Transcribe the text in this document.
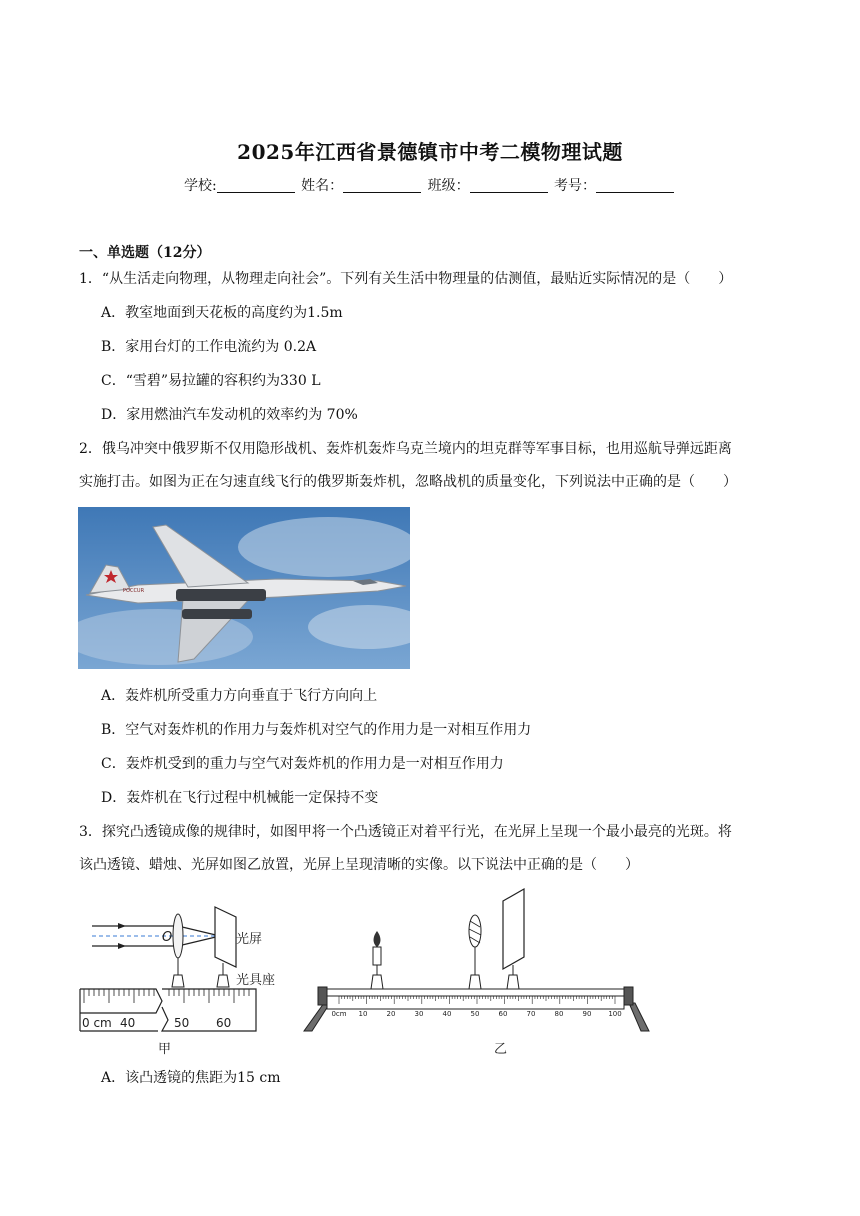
2025年江西省景德镇市中考二模物理试题
学校:	姓名：	班级：	考号：
一、单选题（12分）
1．“从生活走向物理，从物理走向社会”。下列有关生活中物理量的估测值，最贴近实际情况的是（　　）
A．教室地面到天花板的高度约为1.5m
B．家用台灯的工作电流约为 0.2A
C．“雪碧”易拉罐的容积约为330 L
D．家用燃油汽车发动机的效率约为 70%
2．俄乌冲突中俄罗斯不仅用隐形战机、轰炸机轰炸乌克兰境内的坦克群等军事目标，也用巡航导弹远距离
实施打击。如图为正在匀速直线飞行的俄罗斯轰炸机，忽略战机的质量变化，下列说法中正确的是（　　）
POCCUR
A．轰炸机所受重力方向垂直于飞行方向向上
B．空气对轰炸机的作用力与轰炸机对空气的作用力是一对相互作用力
C．轰炸机受到的重力与空气对轰炸机的作用力是一对相互作用力
D．轰炸机在飞行过程中机械能一定保持不变
3．探究凸透镜成像的规律时，如图甲将一个凸透镜正对着平行光，在光屏上呈现一个最小最亮的光斑。将
该凸透镜、蜡烛、光屏如图乙放置，光屏上呈现清晰的实像。以下说法中正确的是（　　）
O	光屏
光具座
0 cm 40	50 60
甲
0cm 10	20	30	40	50	60	70	80	90 100
乙
A．该凸透镜的焦距为15 cm
